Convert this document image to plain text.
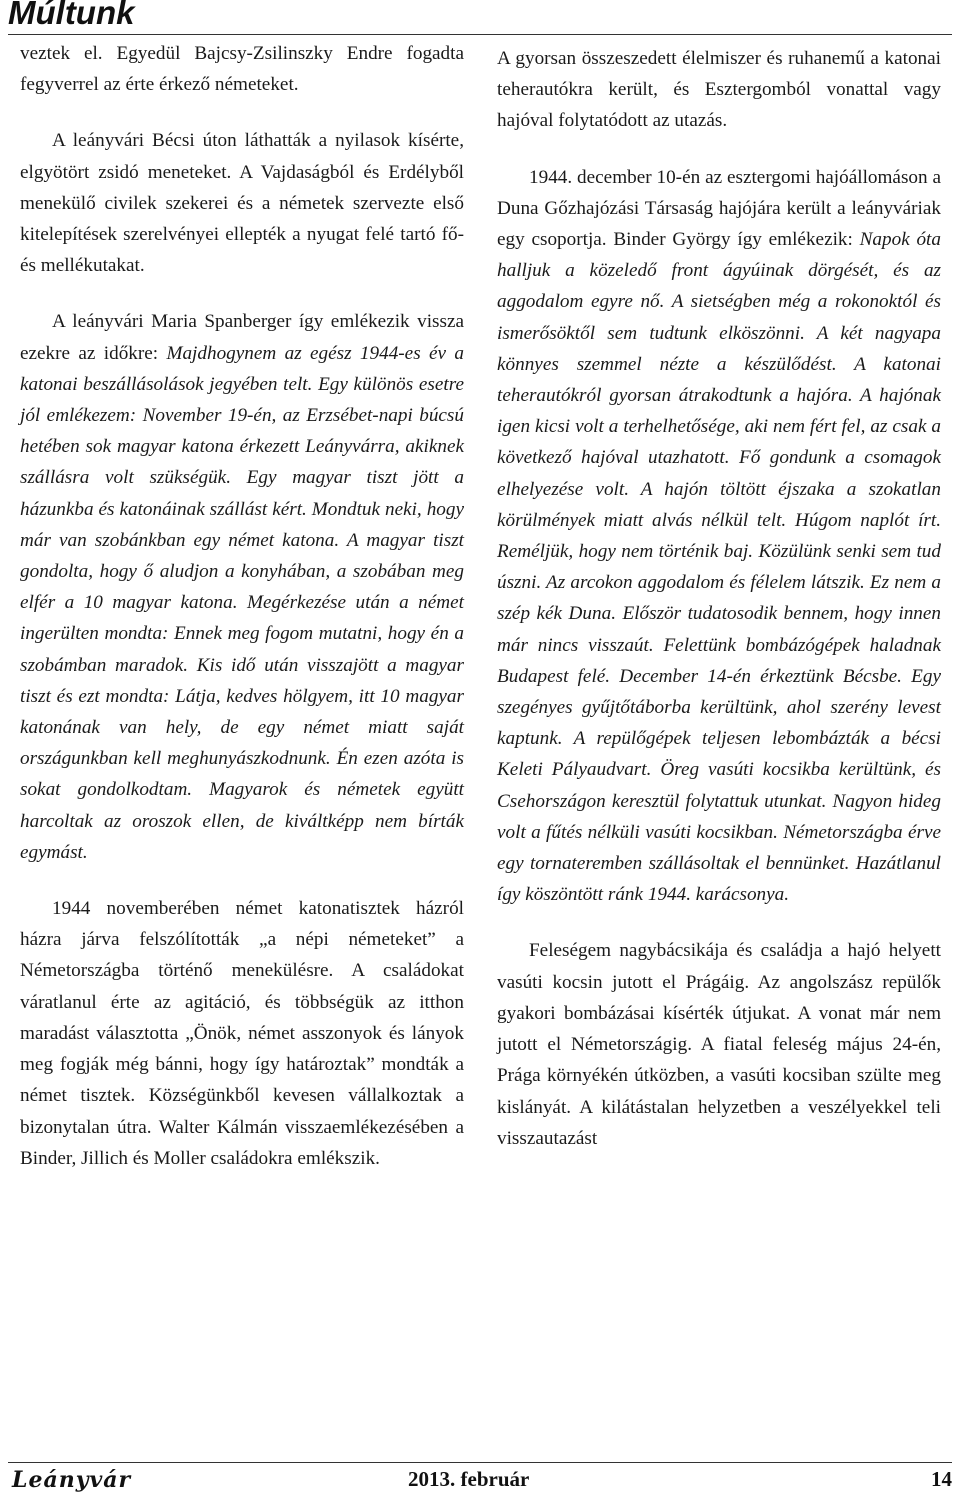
Múltunk

veztek el. Egyedül Bajcsy-Zsilinszky Endre fogadta fegyverrel az érte érkező németeket.

A leányvári Bécsi úton láthatták a nyilasok kísérte, elgyötört zsidó meneteket. A Vajdaságból és Erdélyből menekülő civilek szekerei és a németek szervezte első kitelepítések szerelvényei ellepték a nyugat felé tartó fő- és mellékutakat.

A leányvári Maria Spanberger így emlékezik vissza ezekre az időkre: Majdhogynem az egész 1944-es év a katonai beszállásolások jegyében telt. Egy különös esetre jól emlékezem: November 19-én, az Erzsébet-napi búcsú hetében sok magyar katona érkezett Leányvárra, akiknek szállásra volt szükségük. Egy magyar tiszt jött a házunkba és katonáinak szállást kért. Mondtuk neki, hogy már van szobánkban egy német katona. A magyar tiszt gondolta, hogy ő aludjon a konyhában, a szobában meg elfér a 10 magyar katona. Megérkezése után a német ingerülten mondta: Ennek meg fogom mutatni, hogy én a szobámban maradok. Kis idő után visszajött a magyar tiszt és ezt mondta: Látja, kedves hölgyem, itt 10 magyar katonának van hely, de egy német miatt saját országunkban kell meghunyászkodnunk. Én ezen azóta is sokat gondolkodtam. Magyarok és németek együtt harcoltak az oroszok ellen, de kiváltképp nem bírták egymást.

1944 novemberében német katonatisztek házról házra járva felszólították „a népi németeket” a Németországba történő menekülésre. A családokat váratlanul érte az agitáció, és többségük az itthon maradást választotta „Önök, német asszonyok és lányok meg fogják még bánni, hogy így határoztak” mondták a német tisztek. Községünkből kevesen vállalkoztak a bizonytalan útra. Walter Kálmán visszaemlékezésében a Binder, Jillich és Moller családokra emlékszik.

A gyorsan összeszedett élelmiszer és ruhanemű a katonai teherautókra került, és Esztergomból vonattal vagy hajóval folytatódott az utazás.

1944. december 10-én az esztergomi hajóállomáson a Duna Gőzhajózási Társaság hajójára került a leányváriak egy csoportja. Binder György így emlékezik: Napok óta halljuk a közeledő front ágyúinak dörgését, és az aggodalom egyre nő. A sietségben még a rokonoktól és ismerősöktől sem tudtunk elköszönni. A két nagyapa könnyes szemmel nézte a készülődést. A katonai teherautókról gyorsan átrakodtunk a hajóra. A hajónak igen kicsi volt a terhelhetősége, aki nem fért fel, az csak a következő hajóval utazhatott. Fő gondunk a csomagok elhelyezése volt. A hajón töltött éjszaka a szokatlan körülmények miatt alvás nélkül telt. Húgom naplót írt. Reméljük, hogy nem történik baj. Közülünk senki sem tud úszni. Az arcokon aggodalom és félelem látszik. Ez nem a szép kék Duna. Először tudatosodik bennem, hogy innen már nincs visszaút. Felettünk bombázógépek haladnak Budapest felé. December 14-én érkeztünk Bécsbe. Egy szegényes gyűjtőtáborba kerültünk, ahol szerény levest kaptunk. A repülőgépek teljesen lebombázták a bécsi Keleti Pályaudvart. Öreg vasúti kocsikba kerültünk, és Csehországon keresztül folytattuk utunkat. Nagyon hideg volt a fűtés nélküli vasúti kocsikban. Németországba érve egy tornateremben szállásoltak el bennünket. Hazátlanul így köszöntött ránk 1944. karácsonya.

Feleségem nagybácsikája és családja a hajó helyett vasúti kocsin jutott el Prágáig. Az angolszász repülők gyakori bombázásai kísérték útjukat. A vonat már nem jutott el Németországig. A fiatal feleség május 24-én, Prága környékén útközben, a vasúti kocsiban szülte meg kislányát. A kilátástalan helyzetben a veszélyekkel teli visszautazást

Leányvár	2013. február	14
